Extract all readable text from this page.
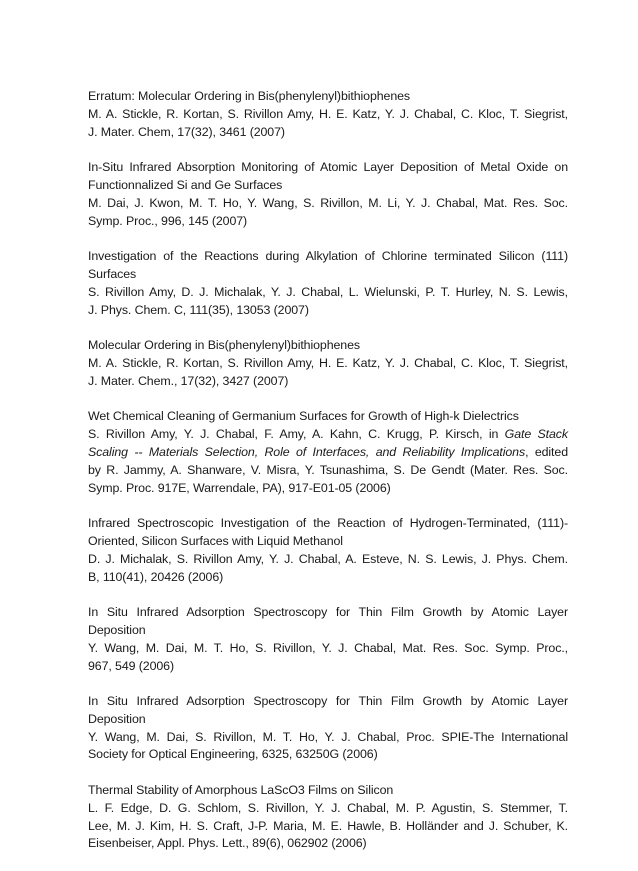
Erratum: Molecular Ordering in Bis(phenylenyl)bithiophenes
M. A. Stickle, R. Kortan, S. Rivillon Amy, H. E. Katz, Y. J. Chabal, C. Kloc, T. Siegrist,
J. Mater. Chem, 17(32), 3461 (2007)
In-Situ Infrared Absorption Monitoring of Atomic Layer Deposition of Metal Oxide on
Functionnalized Si and Ge Surfaces
M. Dai, J. Kwon, M. T. Ho, Y. Wang, S. Rivillon, M. Li, Y. J. Chabal, Mat. Res. Soc.
Symp. Proc., 996, 145 (2007)
Investigation of the Reactions during Alkylation of Chlorine terminated Silicon (111)
Surfaces
S. Rivillon Amy, D. J. Michalak, Y. J. Chabal, L. Wielunski, P. T. Hurley, N. S. Lewis,
J. Phys. Chem. C, 111(35), 13053 (2007)
Molecular Ordering in Bis(phenylenyl)bithiophenes
M. A. Stickle, R. Kortan, S. Rivillon Amy, H. E. Katz, Y. J. Chabal, C. Kloc, T. Siegrist,
J. Mater. Chem., 17(32), 3427 (2007)
Wet Chemical Cleaning of Germanium Surfaces for Growth of High-k Dielectrics
S. Rivillon Amy, Y. J. Chabal, F. Amy, A. Kahn, C. Krugg, P. Kirsch, in Gate Stack
Scaling -- Materials Selection, Role of Interfaces, and Reliability Implications, edited
by R. Jammy, A. Shanware, V. Misra, Y. Tsunashima, S. De Gendt (Mater. Res. Soc.
Symp. Proc. 917E, Warrendale, PA), 917-E01-05 (2006)
Infrared Spectroscopic Investigation of the Reaction of Hydrogen-Terminated, (111)-
Oriented, Silicon Surfaces with Liquid Methanol
D. J. Michalak, S. Rivillon Amy, Y. J. Chabal, A. Esteve, N. S. Lewis, J. Phys. Chem.
B, 110(41), 20426 (2006)
In Situ Infrared Adsorption Spectroscopy for Thin Film Growth by Atomic Layer
Deposition
Y. Wang, M. Dai, M. T. Ho, S. Rivillon, Y. J. Chabal, Mat. Res. Soc. Symp. Proc.,
967, 549 (2006)
In Situ Infrared Adsorption Spectroscopy for Thin Film Growth by Atomic Layer
Deposition
Y. Wang, M. Dai, S. Rivillon, M. T. Ho, Y. J. Chabal, Proc. SPIE-The International
Society for Optical Engineering, 6325, 63250G (2006)
Thermal Stability of Amorphous LaScO3 Films on Silicon
L. F. Edge, D. G. Schlom, S. Rivillon, Y. J. Chabal, M. P. Agustin, S. Stemmer, T.
Lee, M. J. Kim, H. S. Craft, J-P. Maria, M. E. Hawle, B. Holländer and J. Schuber, K.
Eisenbeiser, Appl. Phys. Lett., 89(6), 062902 (2006)
